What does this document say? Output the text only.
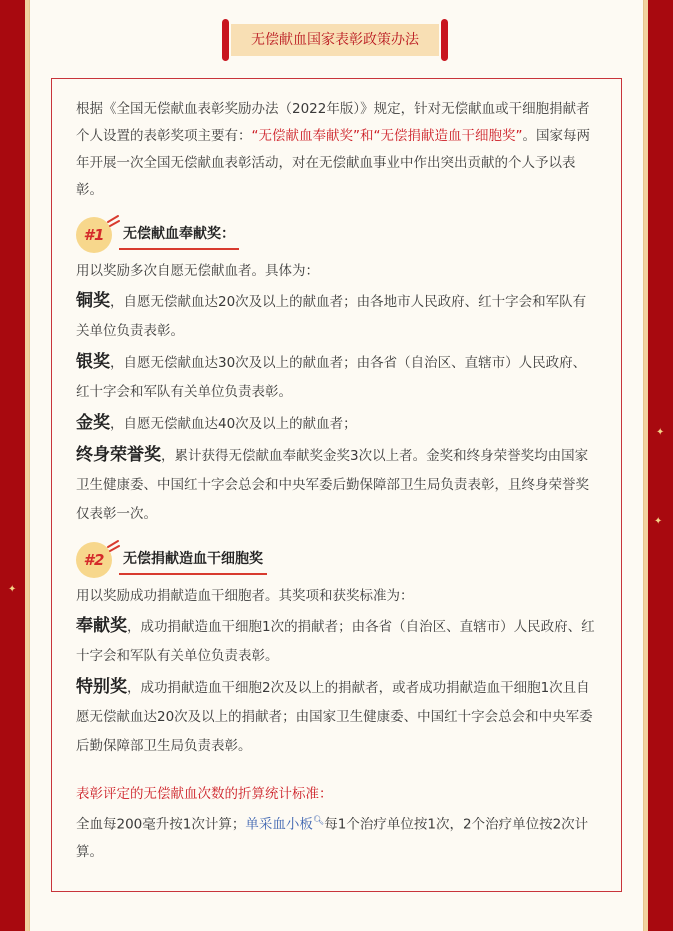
✦
✦
✦
无偿献血国家表彰政策办法

根据《全国无偿献血表彰奖励办法（2022年版）》规定，针对无偿献血或干细胞捐献者个人设置的表彰奖项主要有：“无偿献血奉献奖”和“无偿捐献造血干细胞奖”。国家每两年开展一次全国无偿献血表彰活动，对在无偿献血事业中作出突出贡献的个人予以表彰。

#1	无偿献血奉献奖：

用以奖励多次自愿无偿献血者。具体为：

铜奖，自愿无偿献血达20次及以上的献血者；由各地市人民政府、红十字会和军队有关单位负责表彰。

银奖，自愿无偿献血达30次及以上的献血者；由各省（自治区、直辖市）人民政府、红十字会和军队有关单位负责表彰。

金奖，自愿无偿献血达40次及以上的献血者；

终身荣誉奖，累计获得无偿献血奉献奖金奖3次以上者。金奖和终身荣誉奖均由国家卫生健康委、中国红十字会总会和中央军委后勤保障部卫生局负责表彰，且终身荣誉奖仅表彰一次。

#2	无偿捐献造血干细胞奖

用以奖励成功捐献造血干细胞者。其奖项和获奖标准为：

奉献奖，成功捐献造血干细胞1次的捐献者；由各省（自治区、直辖市）人民政府、红十字会和军队有关单位负责表彰。

特别奖，成功捐献造血干细胞2次及以上的捐献者，或者成功捐献造血干细胞1次且自愿无偿献血达20次及以上的捐献者；由国家卫生健康委、中国红十字会总会和中央军委后勤保障部卫生局负责表彰。

表彰评定的无偿献血次数的折算统计标准：

全血每200毫升按1次计算；单采血小板🔍︎每1个治疗单位按1次，2个治疗单位按2次计算。
